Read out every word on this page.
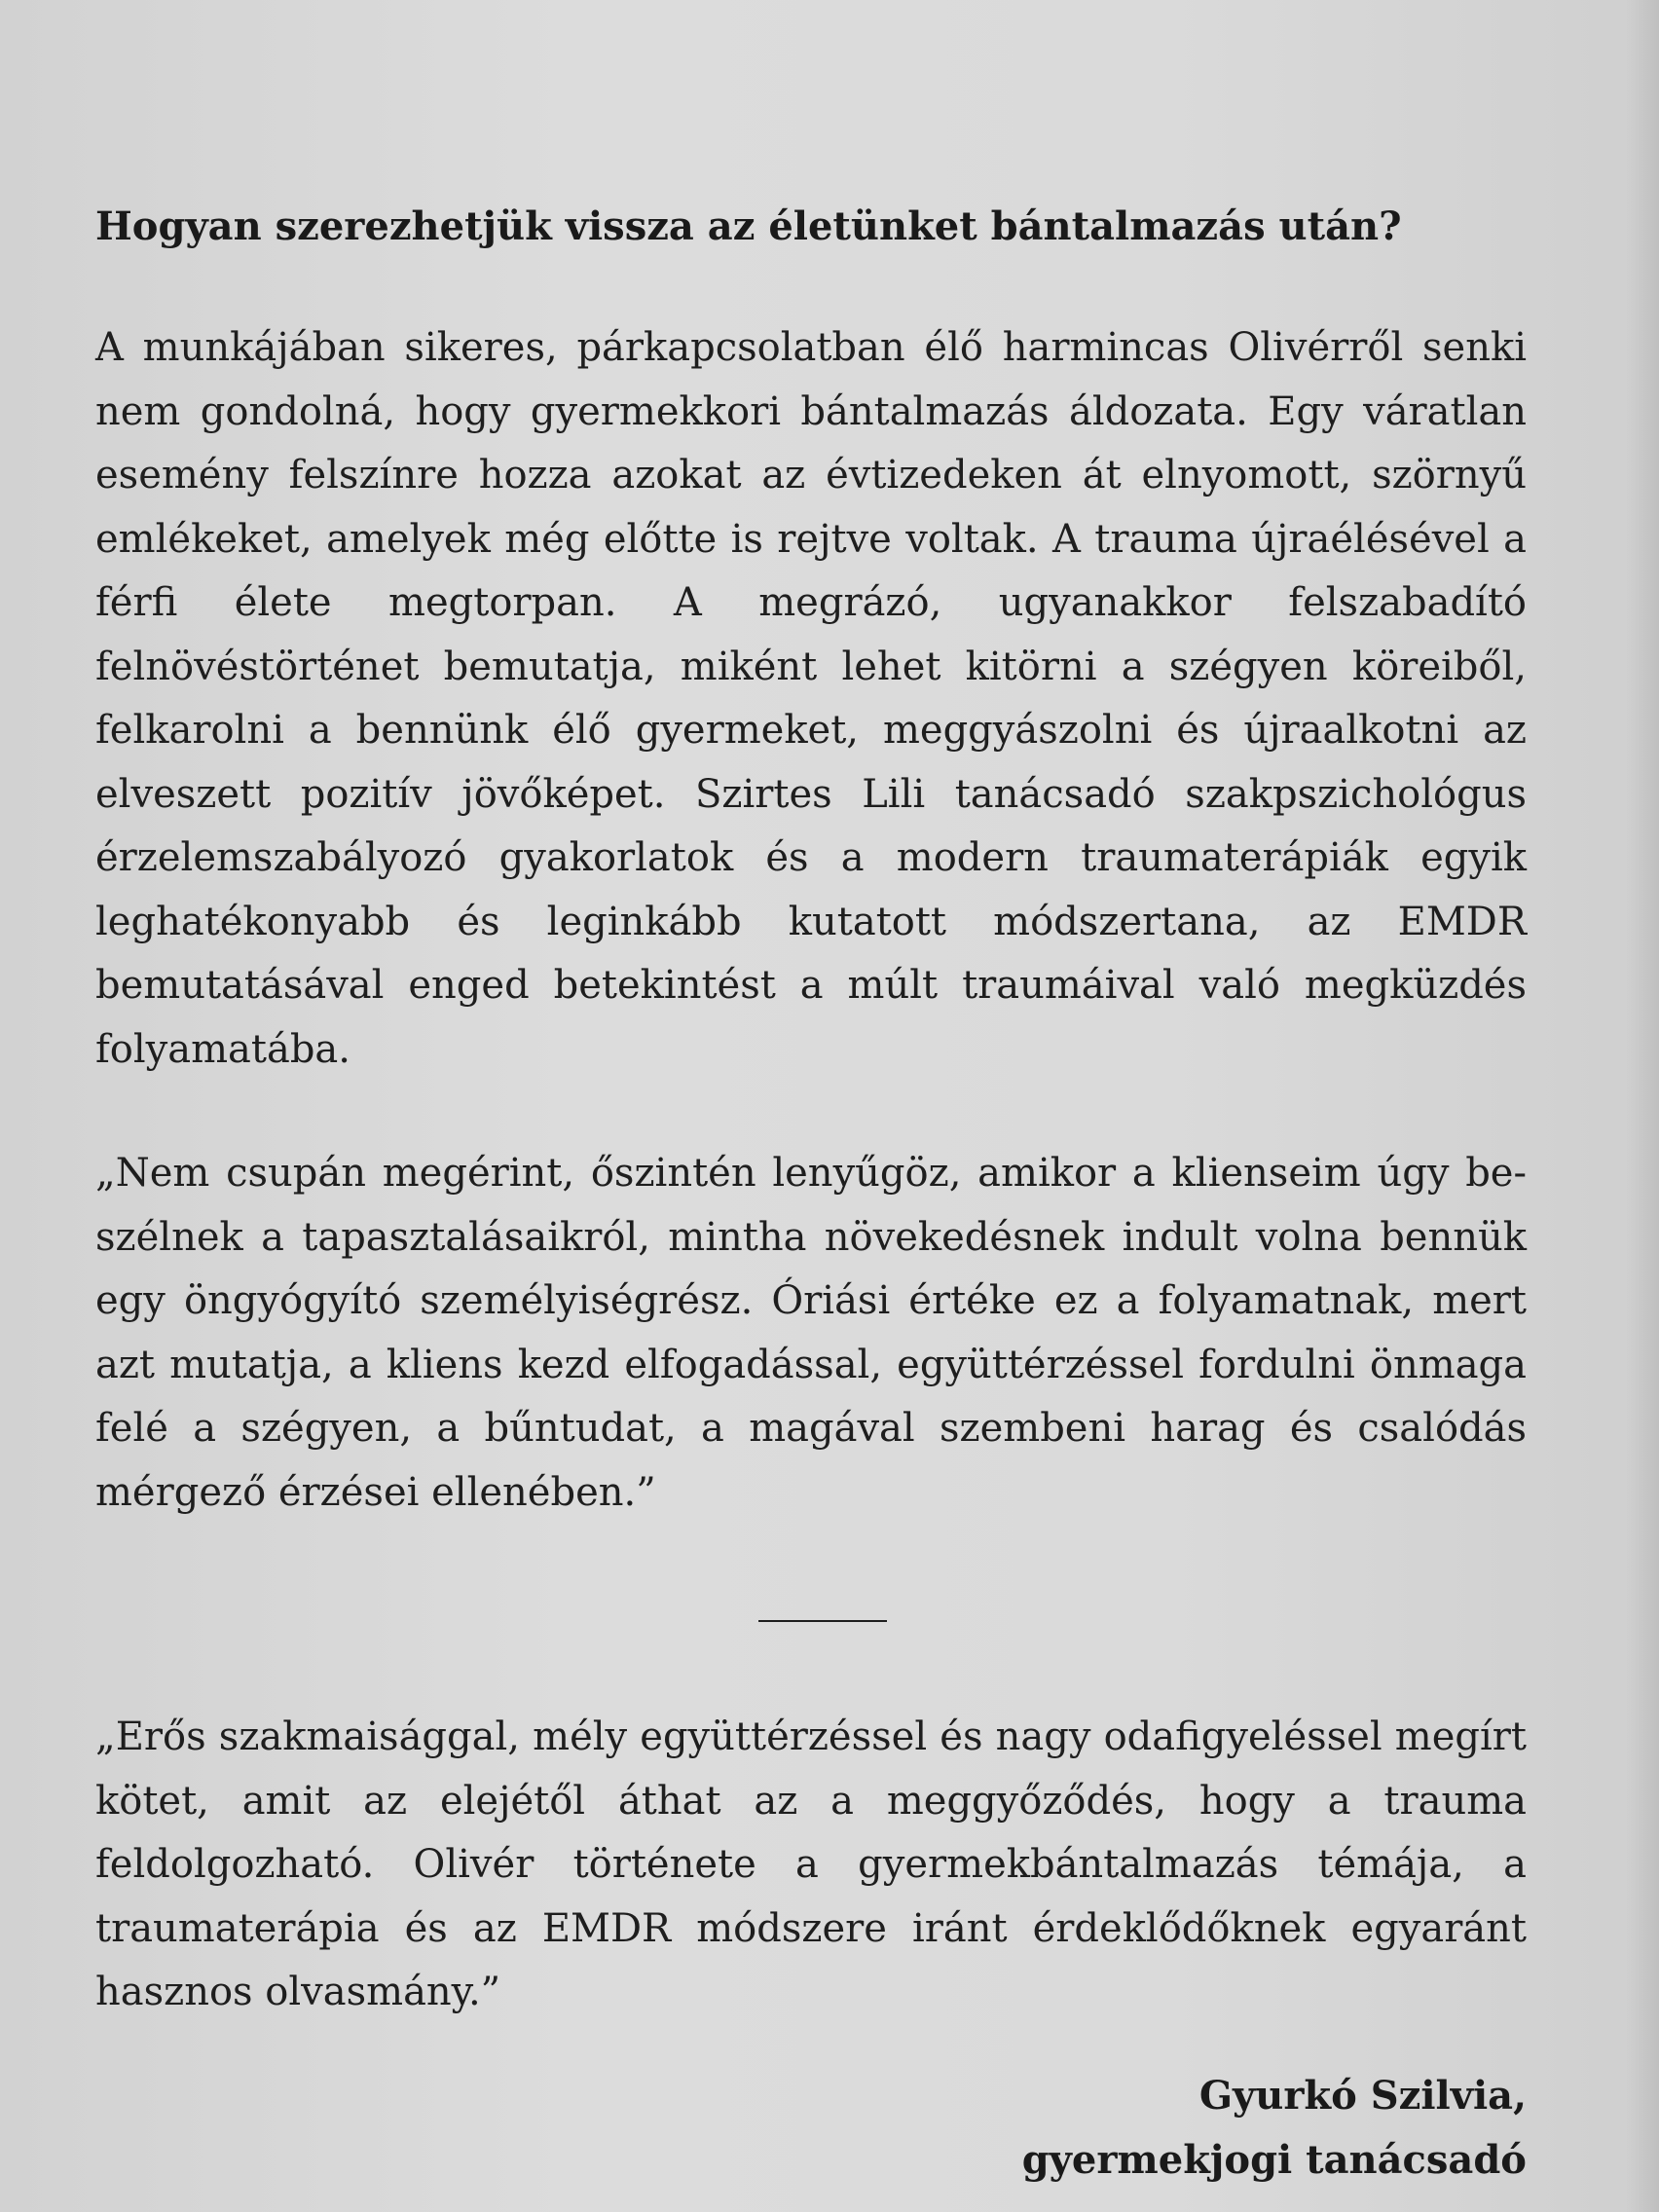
Hogyan szerezhetjük vissza az életünket bántalmazás után?

A munkájában sikeres, párkapcsolatban élő harmincas Olivérről senki nem gondolná, hogy gyermekkori bántalmazás áldozata. Egy váratlan esemény felszínre hozza azokat az évtizedeken át elnyomott, szörnyű emlékeket, amelyek még előtte is rejtve voltak. A trauma újraélésével a férfi élete megtorpan. A megrázó, ugyanakkor felszabadító felnövéstörténet bemutatja, miként lehet kitörni a szégyen köreiből, felkarolni a bennünk élő gyermeket, meggyászolni és újraalkotni az elveszett pozitív jövőképet. Szirtes Lili tanácsadó szakpszichológus érzelemszabályozó gyakorlatok és a modern traumaterápiák egyik leghatékonyabb és leginkább kutatott módszertana, az EMDR bemutatásával enged betekintést a múlt traumáival való megküzdés folyamatába.

„Nem csupán megérint, őszintén lenyűgöz, amikor a klienseim úgy beszélnek a tapasztalásaikról, mintha növekedésnek indult volna bennük egy öngyógyító személyiségrész. Óriási értéke ez a folyamatnak, mert azt mutatja, a kliens kezd elfogadással, együttérzéssel fordulni önmaga felé a szégyen, a bűntudat, a magával szembeni harag és csalódás mérgező érzései ellenében.”

„Erős szakmaisággal, mély együttérzéssel és nagy odafigyeléssel megírt kötet, amit az elejétől áthat az a meggyőződés, hogy a trauma feldolgozható. Olivér története a gyermekbántalmazás témája, a traumaterápia és az EMDR módszere iránt érdeklődőknek egyaránt hasznos olvasmány.”

Gyurkó Szilvia,
gyermekjogi tanácsadó
